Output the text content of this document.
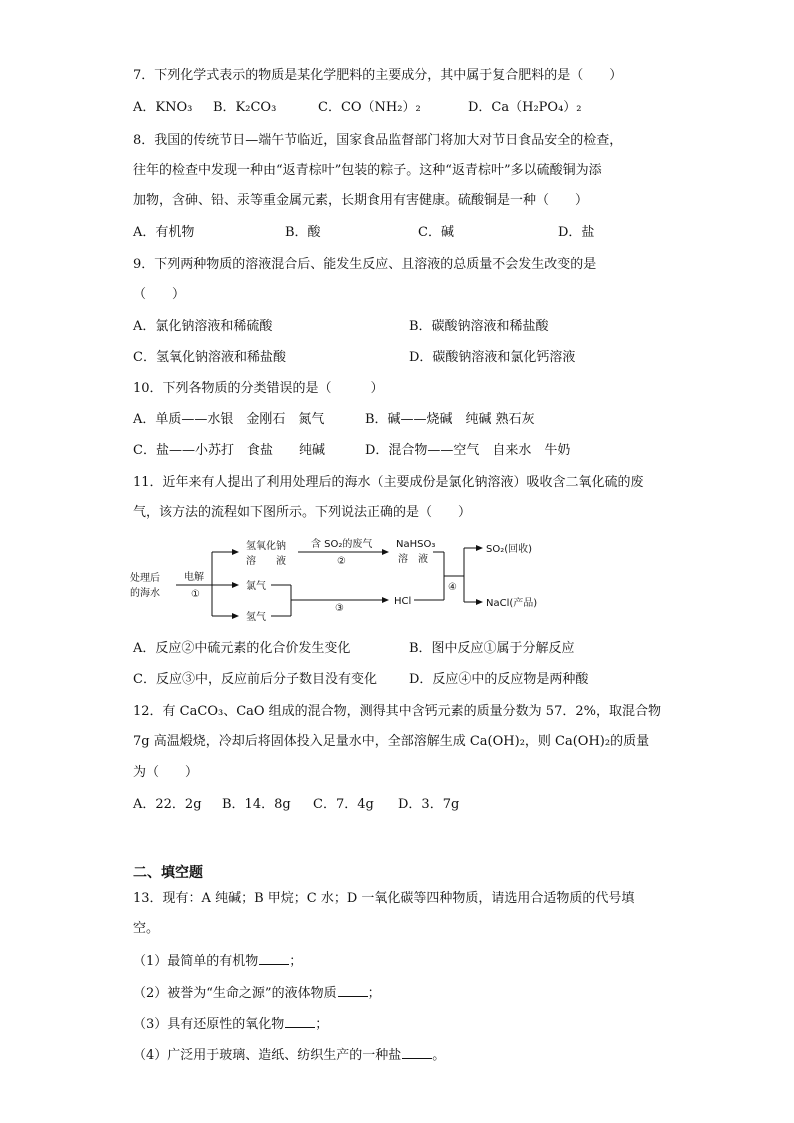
7．下列化学式表示的物质是某化学肥料的主要成分，其中属于复合肥料的是（　　）
A．KNO₃ B．K₂CO₃	C．CO（NH₂）₂	D．Ca（H₂PO₄）₂
8．我国的传统节日—端午节临近，国家食品监督部门将加大对节日食品安全的检查，
往年的检查中发现一种由“返青棕叶”包装的粽子。这种“返青棕叶”多以硫酸铜为添
加物，含砷、铅、汞等重金属元素，长期食用有害健康。硫酸铜是一种（　　）
A．有机物	B．酸	C．碱	D．盐
9．下列两种物质的溶液混合后、能发生反应、且溶液的总质量不会发生改变的是
（　　）
A．氯化钠溶液和稀硫酸	B．碳酸钠溶液和稀盐酸
C．氢氧化钠溶液和稀盐酸	D．碳酸钠溶液和氯化钙溶液
10．下列各物质的分类错误的是（　　　）
A．单质——水银　金刚石　氮气	B．碱——烧碱　纯碱 熟石灰
C．盐——小苏打　食盐　　纯碱	D．混合物——空气　自来水　牛奶
11．近年来有人提出了利用处理后的海水（主要成份是氯化钠溶液）吸收含二氧化硫的废
气，该方法的流程如下图所示。下列说法正确的是（　　）
处理后
的海水
电解
①
氢氧化钠
溶　　液
含 SO₂的废气
②
NaHSO₃
溶　液
氯气
氢气
③
HCl
④
SO₂(回收)
NaCl(产品)
A．反应②中硫元素的化合价发生变化	B．图中反应①属于分解反应
C．反应③中，反应前后分子数目没有变化 D．反应④中的反应物是两种酸
12．有 CaCO₃、CaO 组成的混合物，测得其中含钙元素的质量分数为 57．2%，取混合物
7g 高温煅烧，冷却后将固体投入足量水中，全部溶解生成 Ca(OH)₂，则 Ca(OH)₂的质量
为（　　）
A．22．2g B．14．8g C．7．4g D．3．7g
二、填空题
13．现有：A 纯碱；B 甲烷；C 水；D 一氧化碳等四种物质，请选用合适物质的代号填
空。
（1）最简单的有机物 ；
（2）被誉为“生命之源”的液体物质 ；
（3）具有还原性的氧化物 ；
（4）广泛用于玻璃、造纸、纺织生产的一种盐 。
